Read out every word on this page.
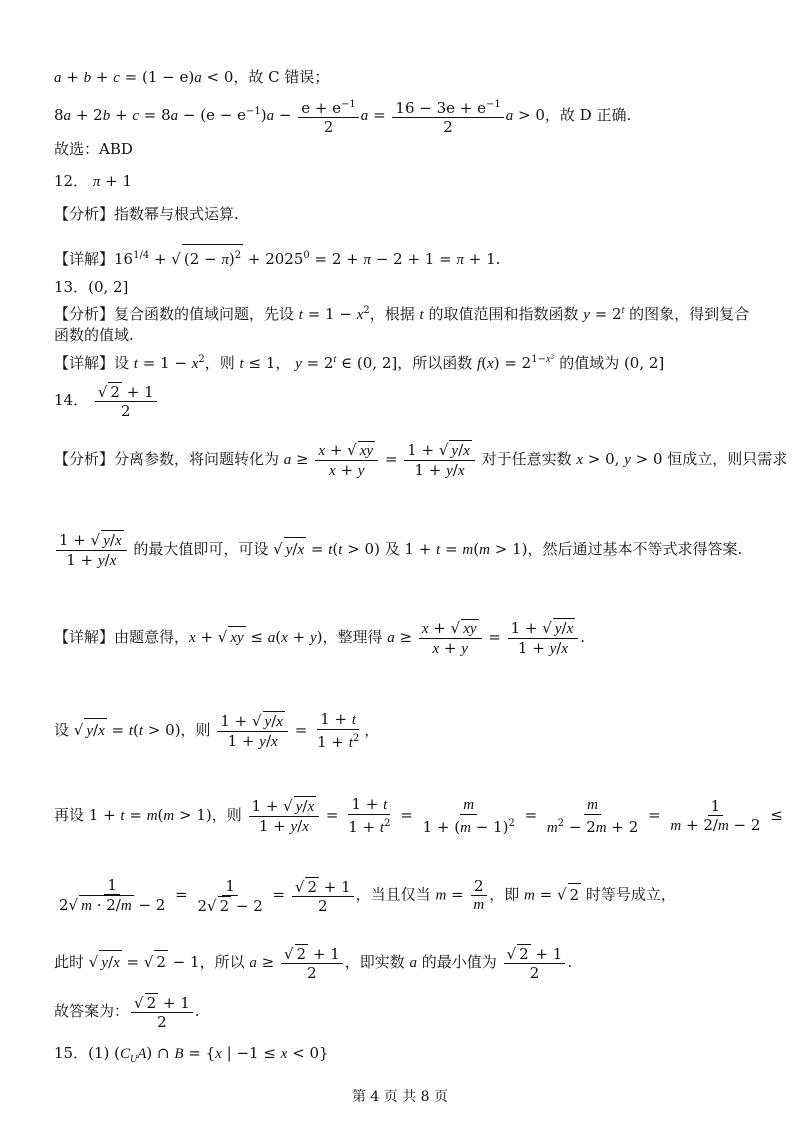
a + b + c = (1 − e)a < 0，故 C 错误；
$8a + 2b + c = 8a - (e - e^{-1})a - \frac{e + e^{-1}}{2}$ $a = \frac{16 - 3e + e^{-1}}{2}$ a > 0，故 D 正确.
故选：ABD
12． π + 1
【分析】指数幂与根式运算.
【详解】$16^{1/4}$ + √ $(2 - \pi)^2 + 2025^0 = 2 + \pi - 2 + 1 = \pi + 1$.
13．(0, 2]
【分析】复合函数的值域问题，先设 $t = 1 - x^2$，根据 t 的取值范围和指数函数 $y = 2^t$ 的图象，得到复合
函数的值域.
【详解】设 $t = 1 - x^2$，则 t ≤ 1， $y = 2^t$ ∈ (0, 2]，所以函数 $f(x) = 2^{1-x^2}$ 的值域为 (0, 2]
14． $\frac{√ 2 + 1}{2}$
【分析】分离参数，将问题转化为 $a \ge \frac{x + √ xy}{x + y} = \frac{1 + √ y/x}{1 + y/x}$ 对于任意实数 x > 0, y > 0 恒成立，则只需求
$\frac{1 + √ y/x}{1 + y/x}$ 的最大值即可，可设 √ y/x = t(t > 0) 及 1 + t = m(m > 1)，然后通过基本不等式求得答案.
【详解】由题意得，x + √ xy ≤ a(x + y)，整理得 $a \ge \frac{x + √ xy}{x + y} = \frac{1 + √ y/x}{1 + y/x}$ .
设 √ y/x = t(t > 0)，则 $\frac{1 + √ y/x}{1 + y/x} = \frac{1 + t}{1 + t^2}$ ，
再设 1 + t = m(m > 1)，则 $\frac{1 + √ y/x}{1 + y/x} = \frac{1 + t}{1 + t^2} = \frac{m}{1 + (m - 1)^2} = \frac{m}{m^2 - 2m + 2} = \frac{1}{m + 2/m - 2}$ ≤
$\frac{1}{2√ m \cdot 2/m - 2} = \frac{1}{2√ 2 - 2} = \frac{√ 2 + 1}{2}$ ，当且仅当 $m = \frac{2}{m}$ ，即 m = √ 2 时等号成立，
此时 √ y/x = √ 2 − 1，所以 $a \ge \frac{√ 2 + 1}{2}$ ，即实数 a 的最小值为 $\frac{√ 2 + 1}{2}$ .
故答案为： $\frac{√ 2 + 1}{2}$ .
15．(1) $(C_UA)$ ∩ B = {x | −1 ≤ x < 0}
第 4 页 共 8 页
